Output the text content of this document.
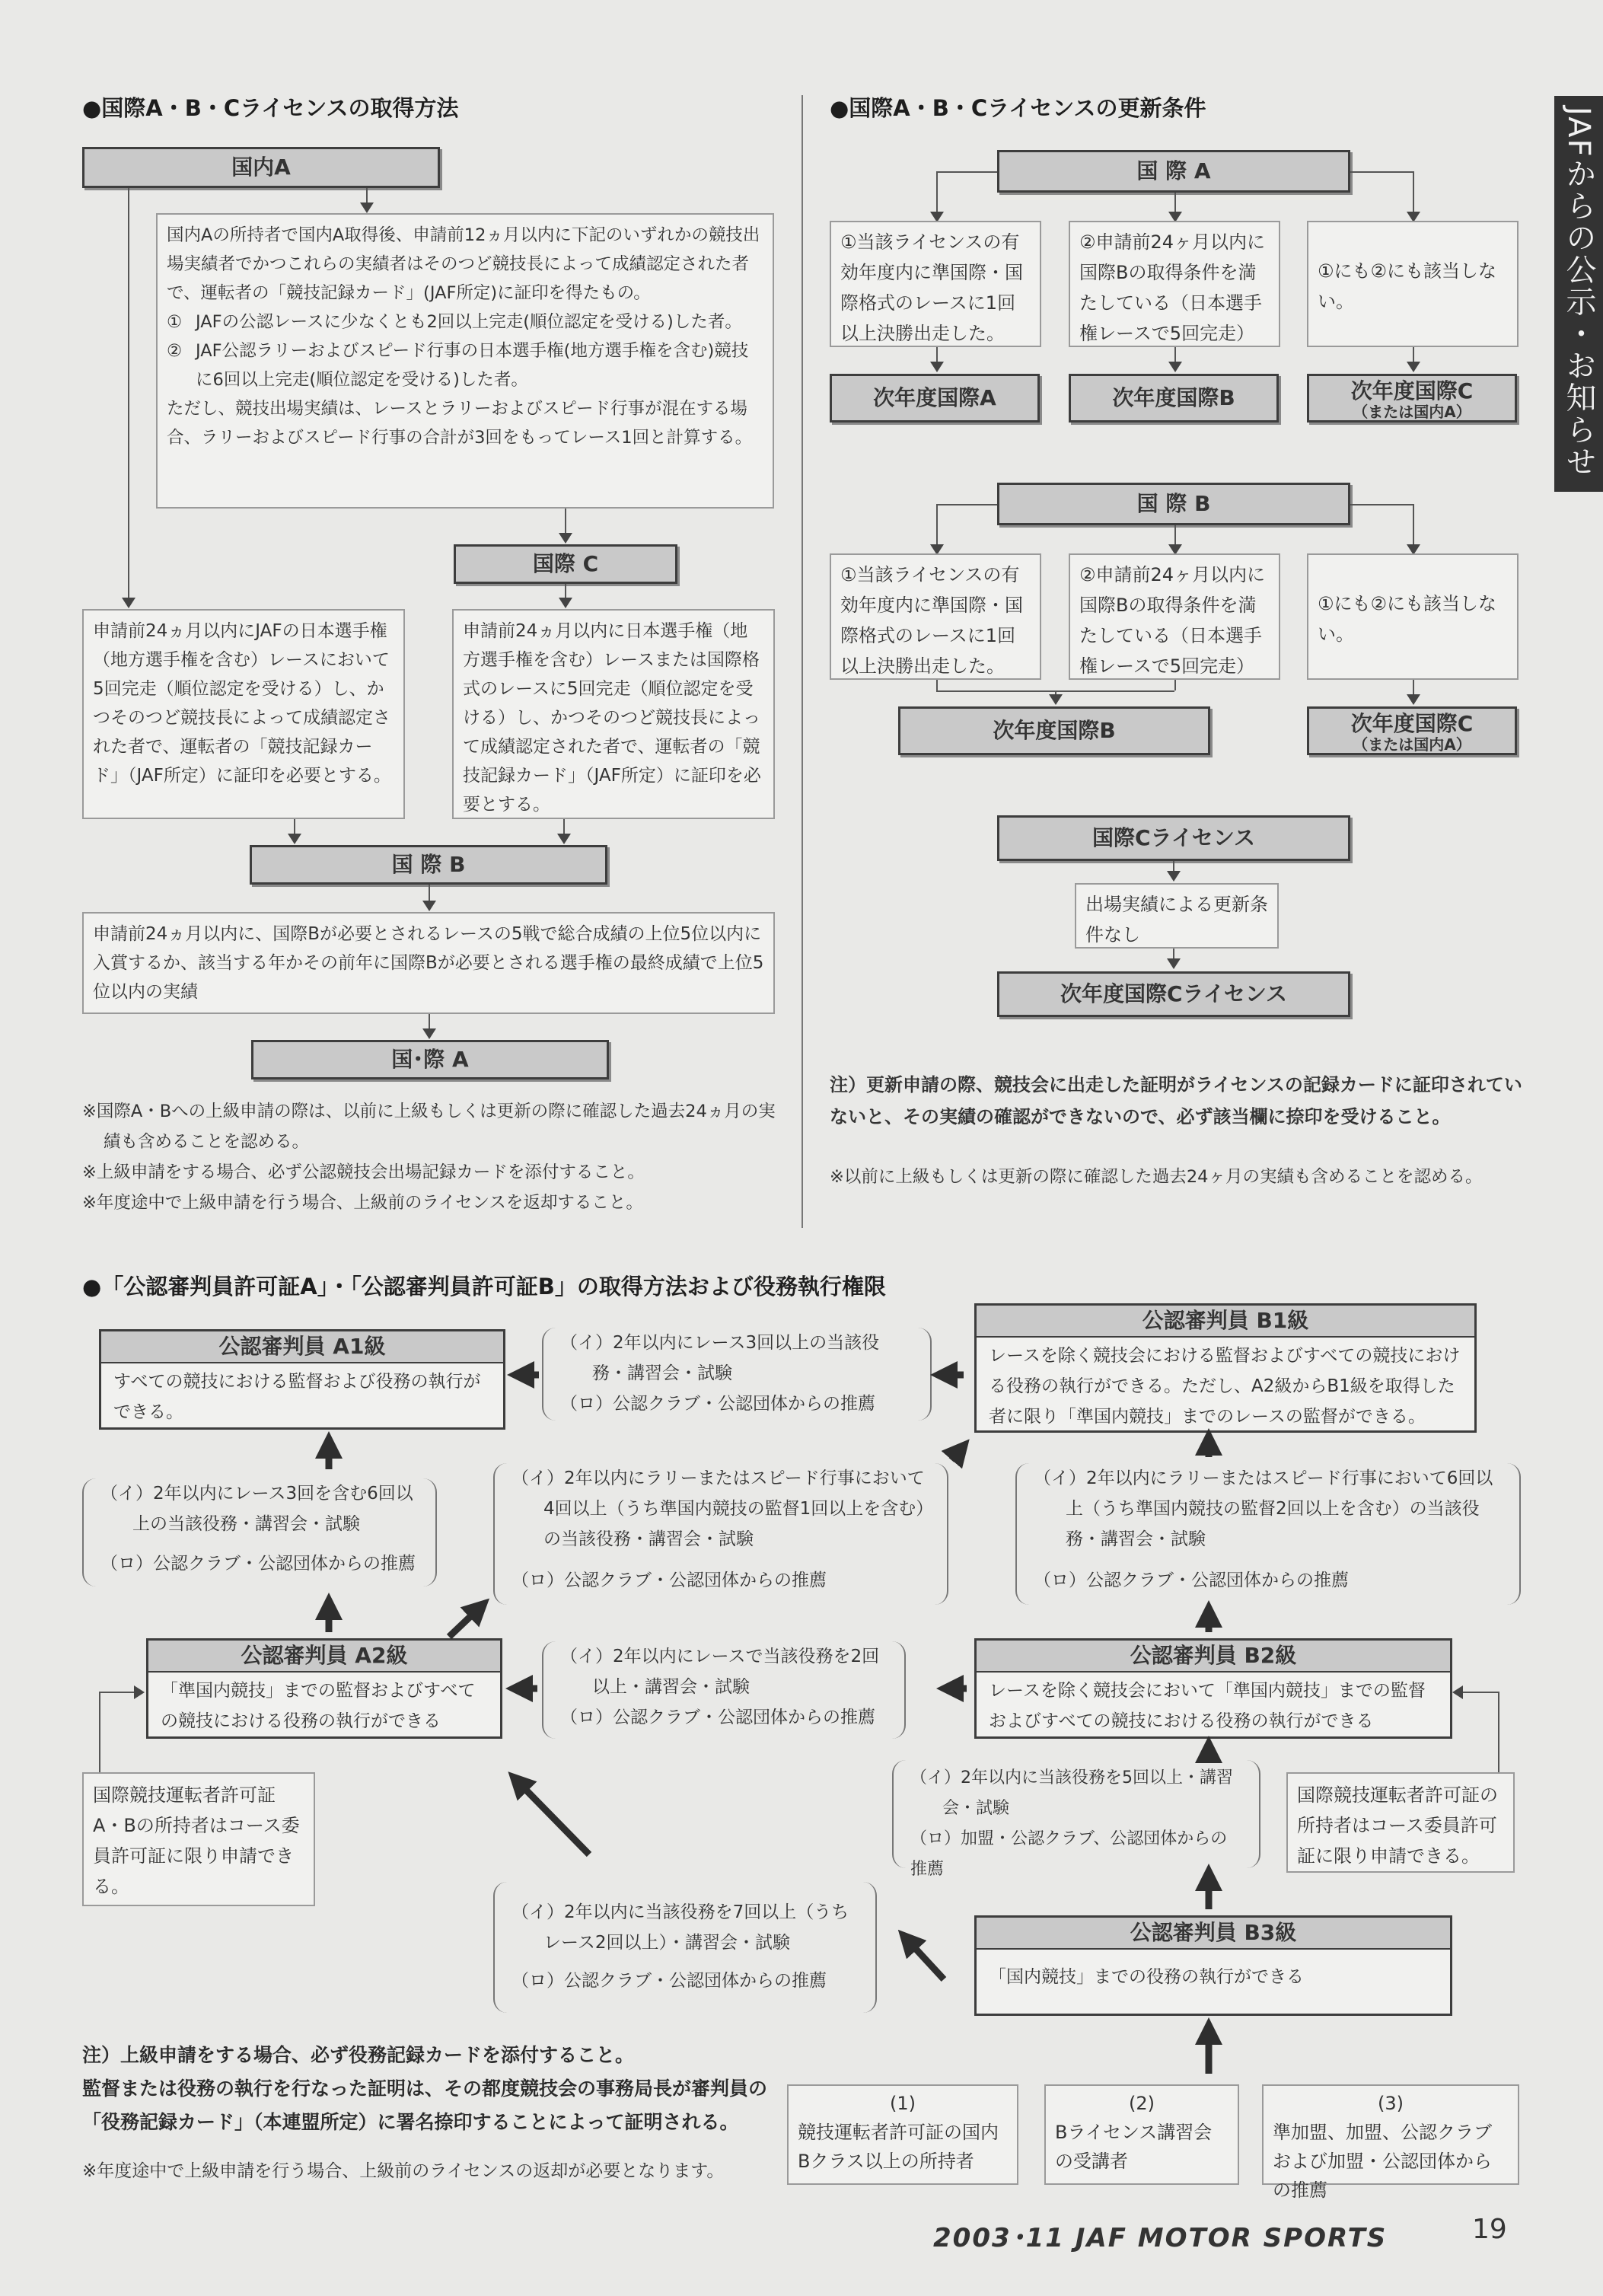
JAFからの公示・お知らせ
●国際A・B・Cライセンスの取得方法
国内A
国内Aの所持者で国内A取得後、申請前12ヵ月以内に下記のいずれかの競技出場実績者でかつこれらの実績者はそのつど競技長によって成績認定された者で、運転者の「競技記録カード」(JAF所定)に証印を得たもの。
① JAFの公認レースに少なくとも2回以上完走(順位認定を受ける)した者。
② JAF公認ラリーおよびスピード行事の日本選手権(地方選手権を含む)競技に6回以上完走(順位認定を受ける)した者。
ただし、競技出場実績は、レースとラリーおよびスピード行事が混在する場合、ラリーおよびスピード行事の合計が3回をもってレース1回と計算する。
国際 C
申請前24ヵ月以内にJAFの日本選手権（地方選手権を含む）レースにおいて5回完走（順位認定を受ける）し、かつそのつど競技長によって成績認定された者で、運転者の「競技記録カード」（JAF所定）に証印を必要とする。
申請前24ヵ月以内に日本選手権（地方選手権を含む）レースまたは国際格式のレースに5回完走（順位認定を受ける）し、かつそのつど競技長によって成績認定された者で、運転者の「競技記録カード」（JAF所定）に証印を必要とする。
国 際 B
申請前24ヵ月以内に、国際Bが必要とされるレースの5戦で総合成績の上位5位以内に入賞するか、該当する年かその前年に国際Bが必要とされる選手権の最終成績で上位5位以内の実績
国･際 A
※国際A・Bへの上級申請の際は、以前に上級もしくは更新の際に確認した過去24ヵ月の実績も含めることを認める。
※上級申請をする場合、必ず公認競技会出場記録カードを添付すること。
※年度途中で上級申請を行う場合、上級前のライセンスを返却すること。
●国際A・B・Cライセンスの更新条件
国 際 A
①当該ライセンスの有効年度内に準国際・国際格式のレースに1回以上決勝出走した。
②申請前24ヶ月以内に国際Bの取得条件を満たしている（日本選手権レースで5回完走）
①にも②にも該当しない。
次年度国際A	次年度国際B	次年度国際C
（または国内A）
国 際 B
①当該ライセンスの有効年度内に準国際・国際格式のレースに1回以上決勝出走した。
②申請前24ヶ月以内に国際Bの取得条件を満たしている（日本選手権レースで5回完走）
①にも②にも該当しない。
次年度国際B	次年度国際C
（または国内A）
国際Cライセンス
出場実績による更新条件なし
次年度国際Cライセンス
注）更新申請の際、競技会に出走した証明がライセンスの記録カードに証印されていないと、その実績の確認ができないので、必ず該当欄に捺印を受けること。
※以前に上級もしくは更新の際に確認した過去24ヶ月の実績も含めることを認める。
●「公認審判員許可証A」・「公認審判員許可証B」の取得方法および役務執行権限
公認審判員 A1級
すべての競技における監督および役務の執行ができる。
公認審判員 B1級
レースを除く競技会における監督およびすべての競技における役務の執行ができる。ただし、A2級からB1級を取得した者に限り「準国内競技」までのレースの監督ができる。
公認審判員 A2級
「準国内競技」までの監督およびすべての競技における役務の執行ができる
公認審判員 B2級
レースを除く競技会において「準国内競技」までの監督およびすべての競技における役務の執行ができる
公認審判員 B3級
「国内競技」までの役務の執行ができる
（イ）2年以内にレース3回以上の当該役務・講習会・試験
（ロ）公認クラブ・公認団体からの推薦
（イ）2年以内にレース3回を含む6回以上の当該役務・講習会・試験
（ロ）公認クラブ・公認団体からの推薦
（イ）2年以内にラリーまたはスピード行事において4回以上（うち準国内競技の監督1回以上を含む）の当該役務・講習会・試験
（ロ）公認クラブ・公認団体からの推薦
（イ）2年以内にラリーまたはスピード行事において6回以上（うち準国内競技の監督2回以上を含む）の当該役務・講習会・試験
（ロ）公認クラブ・公認団体からの推薦
（イ）2年以内にレースで当該役務を2回以上・講習会・試験
（ロ）公認クラブ・公認団体からの推薦
（イ）2年以内に当該役務を5回以上・講習会・試験
（ロ）加盟・公認クラブ、公認団体からの推薦
（イ）2年以内に当該役務を7回以上（うちレース2回以上）・講習会・試験
（ロ）公認クラブ・公認団体からの推薦
国際競技運転者許可証A・Bの所持者はコース委員許可証に限り申請できる。
国際競技運転者許可証の所持者はコース委員許可証に限り申請できる。
(1)
競技運転者許可証の国内Bクラス以上の所持者
(2)
Bライセンス講習会の受講者
(3)
準加盟、加盟、公認クラブおよび加盟・公認団体からの推薦
注）上級申請をする場合、必ず役務記録カードを添付すること。
監督または役務の執行を行なった証明は、その都度競技会の事務局長が審判員の「役務記録カード」（本連盟所定）に署名捺印することによって証明される。
※年度途中で上級申請を行う場合、上級前のライセンスの返却が必要となります。
2003･11 JAF MOTOR SPORTS	19
